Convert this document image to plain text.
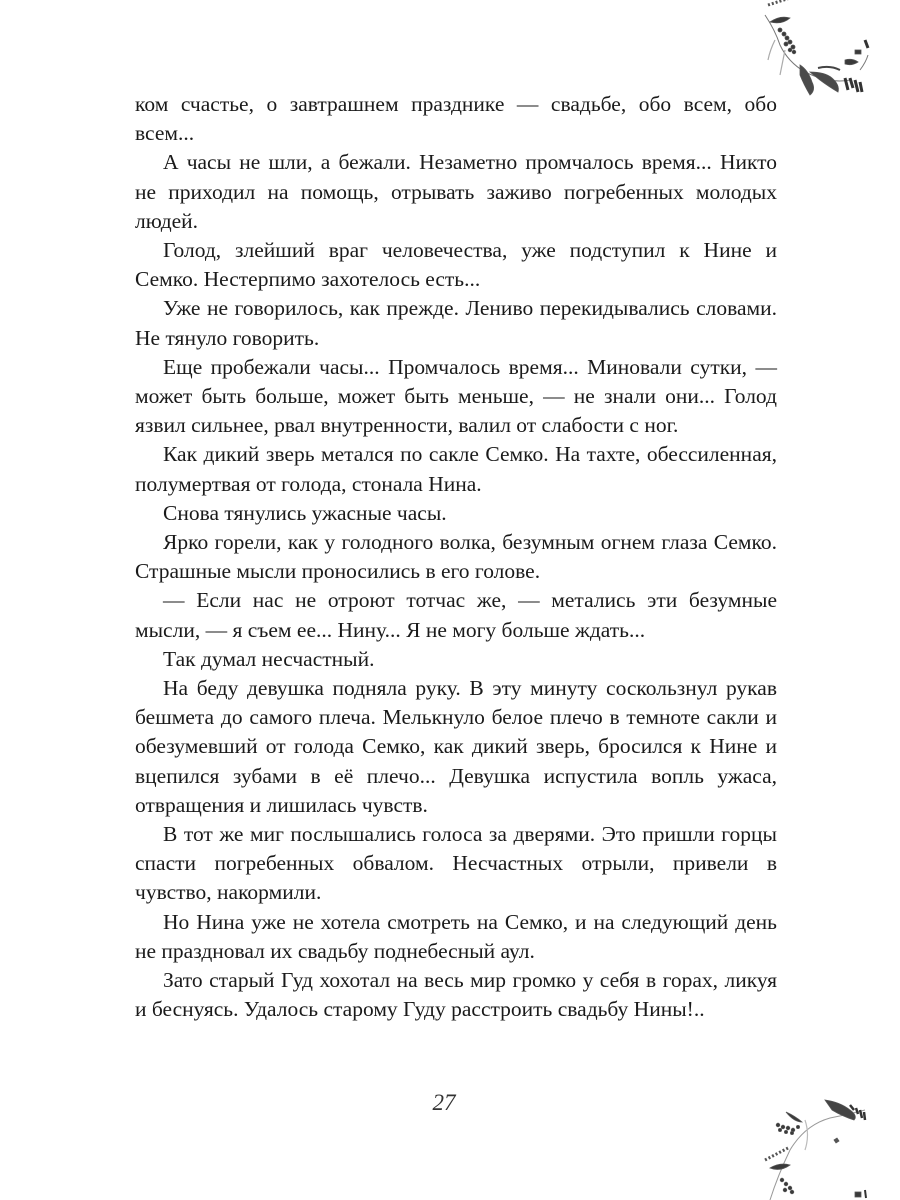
ком счастье, о завтрашнем празднике — свадьбе, обо всем, обо всем...

А часы не шли, а бежали. Незаметно промчалось время... Никто не приходил на помощь, отрывать заживо погребенных молодых людей.

Голод, злейший враг человечества, уже подступил к Нине и Семко. Нестерпимо захотелось есть...

Уже не говорилось, как прежде. Лениво перекидывались словами. Не тянуло говорить.

Еще пробежали часы... Промчалось время... Миновали сутки, — может быть больше, может быть меньше, — не знали они... Голод язвил сильнее, рвал внутренности, валил от слабости с ног.

Как дикий зверь метался по сакле Семко. На тахте, обессиленная, полумертвая от голода, стонала Нина.

Снова тянулись ужасные часы.

Ярко горели, как у голодного волка, безумным огнем глаза Семко. Страшные мысли проносились в его голове.

— Если нас не отроют тотчас же, — метались эти безумные мысли, — я съем ее... Нину... Я не могу больше ждать...

Так думал несчастный.

На беду девушка подняла руку. В эту минуту соскользнул рукав бешмета до самого плеча. Мелькнуло белое плечо в темноте сакли и обезумевший от голода Семко, как дикий зверь, бросился к Нине и вцепился зубами в её плечо... Девушка испустила вопль ужаса, отвращения и лишилась чувств.

В тот же миг послышались голоса за дверями. Это пришли горцы спасти погребенных обвалом. Несчастных отрыли, привели в чувство, накормили.

Но Нина уже не хотела смотреть на Семко, и на следующий день не праздновал их свадьбу поднебесный аул.

Зато старый Гуд хохотал на весь мир громко у себя в горах, ликуя и беснуясь. Удалось старому Гуду расстроить свадьбу Нины!..

27
